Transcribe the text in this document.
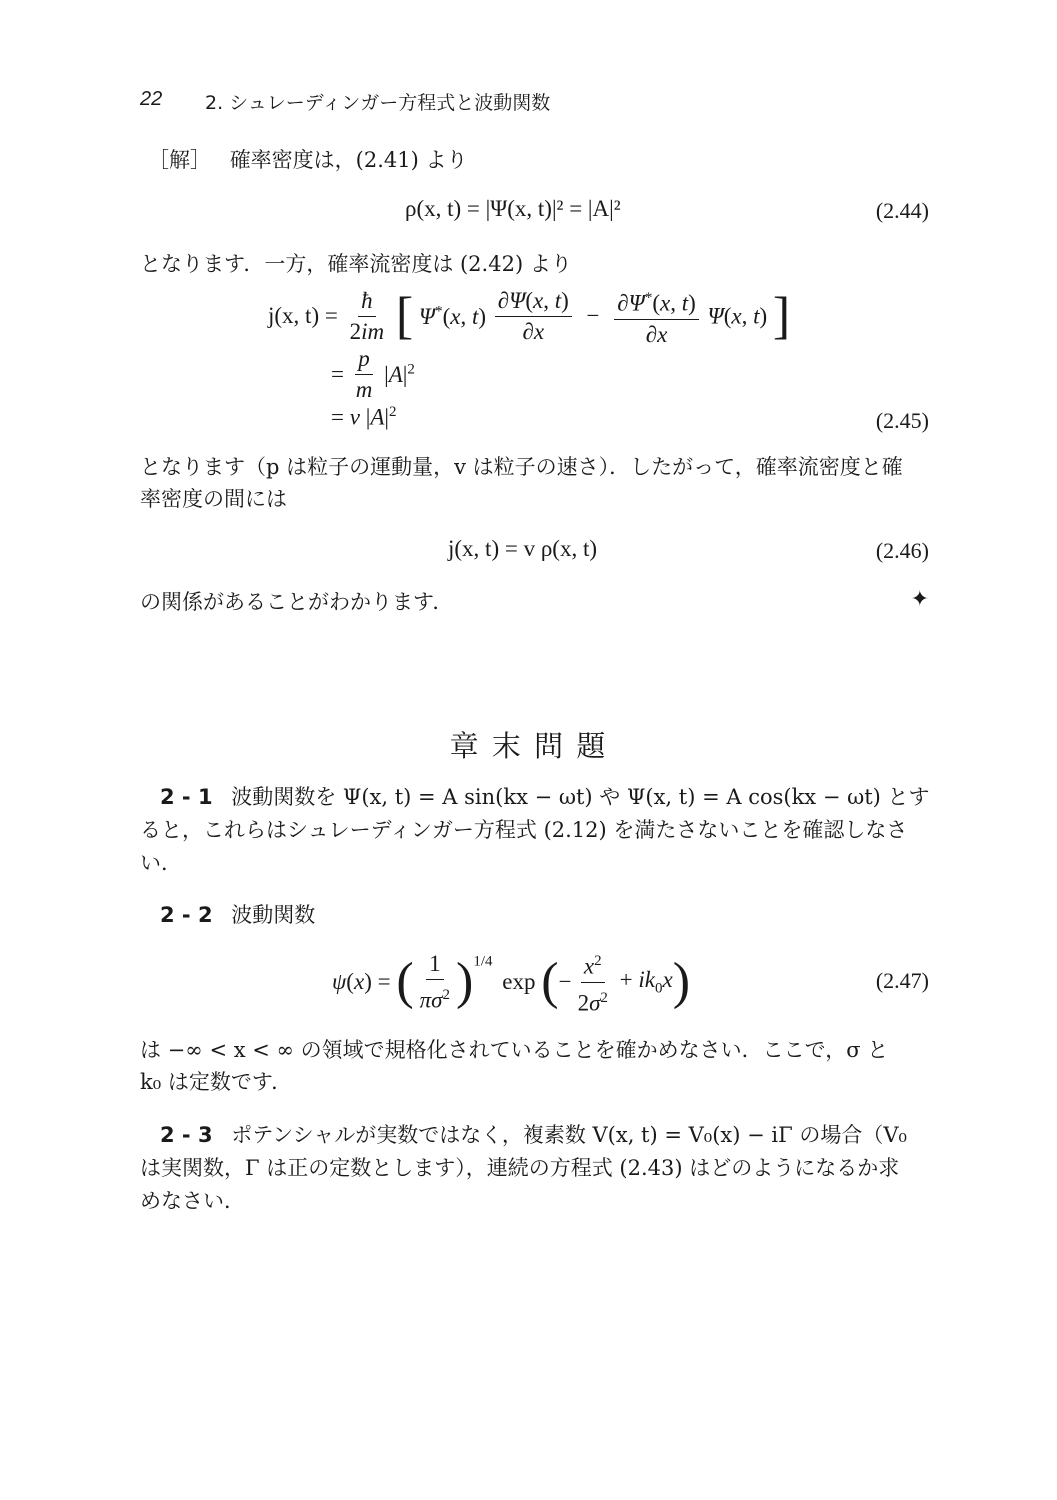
22 2. シュレーディンガー方程式と波動関数
［解］ 確率密度は，(2.41) より
ρ(x, t) = |Ψ(x, t)|² = |A|²	(2.44)
となります．一方，確率流密度は (2.42) より
j(x, $t) = \frac{ħ}{2im}$ [ Ψ*(x, $t) \frac{\partial\Psi(x, t)}{\partial x} - \frac{\partial\Psi^*(x, t)}{\partial x} \Psi(x$, t) ]
= $\frac{p}{m} |A|^2$
= v $|A|^2$	(2.45)
となります（p は粒子の運動量，v は粒子の速さ）．したがって，確率流密度と確
率密度の間には
j(x, t) = v ρ(x, t)	(2.46)
の関係があることがわかります．	✦
章 末 問 題
2 - 1 波動関数を Ψ(x, t) = A sin(kx − ωt) や Ψ(x, t) = A cos(kx − ωt) とす
ると，これらはシュレーディンガー方程式 (2.12) を満たさないことを確認しなさ
い．
2 - 2 波動関数
ψ(x) = ( $\frac{1}{\pi\sigma^2} )^{1/4}$ exp (− $\frac{x^2}{2\sigma^2} + ik_0x$)	(2.47)
は −∞ < x < ∞ の領域で規格化されていることを確かめなさい．ここで，σ と
k₀ は定数です．
2 - 3 ポテンシャルが実数ではなく，複素数 V(x, t) = V₀(x) − iΓ の場合（V₀
は実関数，Γ は正の定数とします），連続の方程式 (2.43) はどのようになるか求
めなさい．
